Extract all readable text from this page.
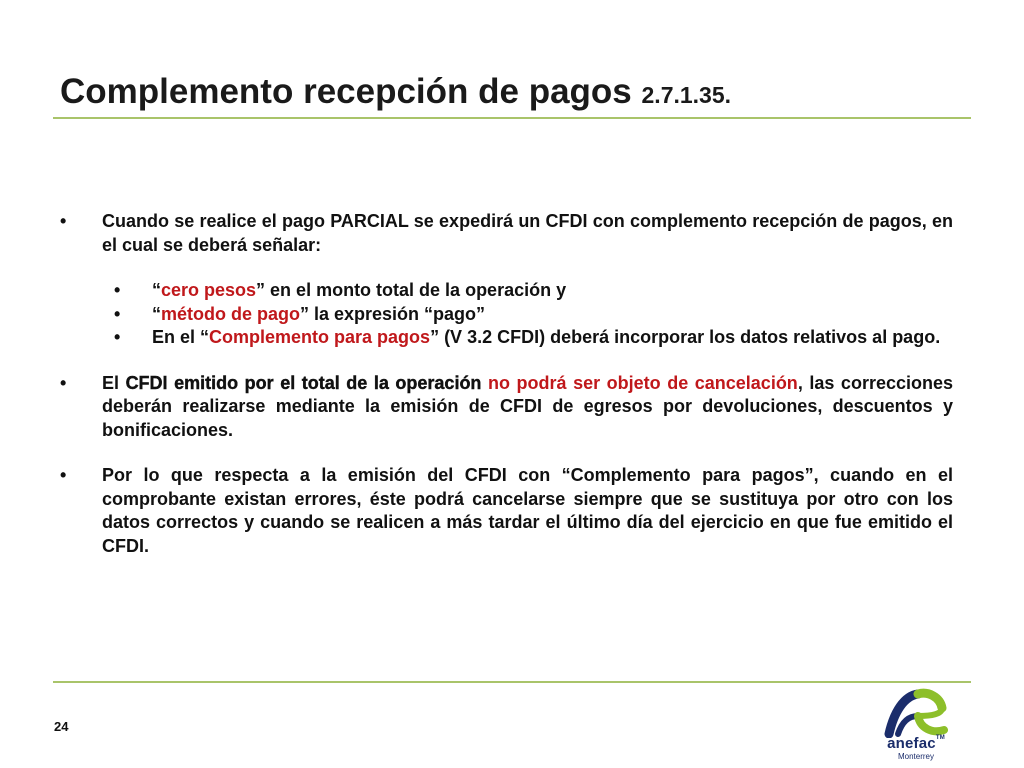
Complemento recepción de pagos 2.7.1.35.
• Cuando se realice el pago PARCIAL se expedirá un CFDI con complemento recepción de pagos, en el cual se deberá señalar:
• “cero pesos” en el monto total de la operación y
• “método de pago” la expresión “pago”
• En el “Complemento para pagos” (V 3.2 CFDI) deberá incorporar los datos relativos al pago.
• El CFDI emitido por el total de la operación no podrá ser objeto de cancelación, las correcciones deberán realizarse mediante la emisión de CFDI de egresos por devoluciones, descuentos y bonificaciones.
• Por lo que respecta a la emisión del CFDI con “Complemento para pagos”, cuando en el comprobante existan errores, éste podrá cancelarse siempre que se sustituya por otro con los datos correctos y cuando se realicen a más tardar el último día del ejercicio en que fue emitido el CFDI.
24
anefac™
Monterrey
